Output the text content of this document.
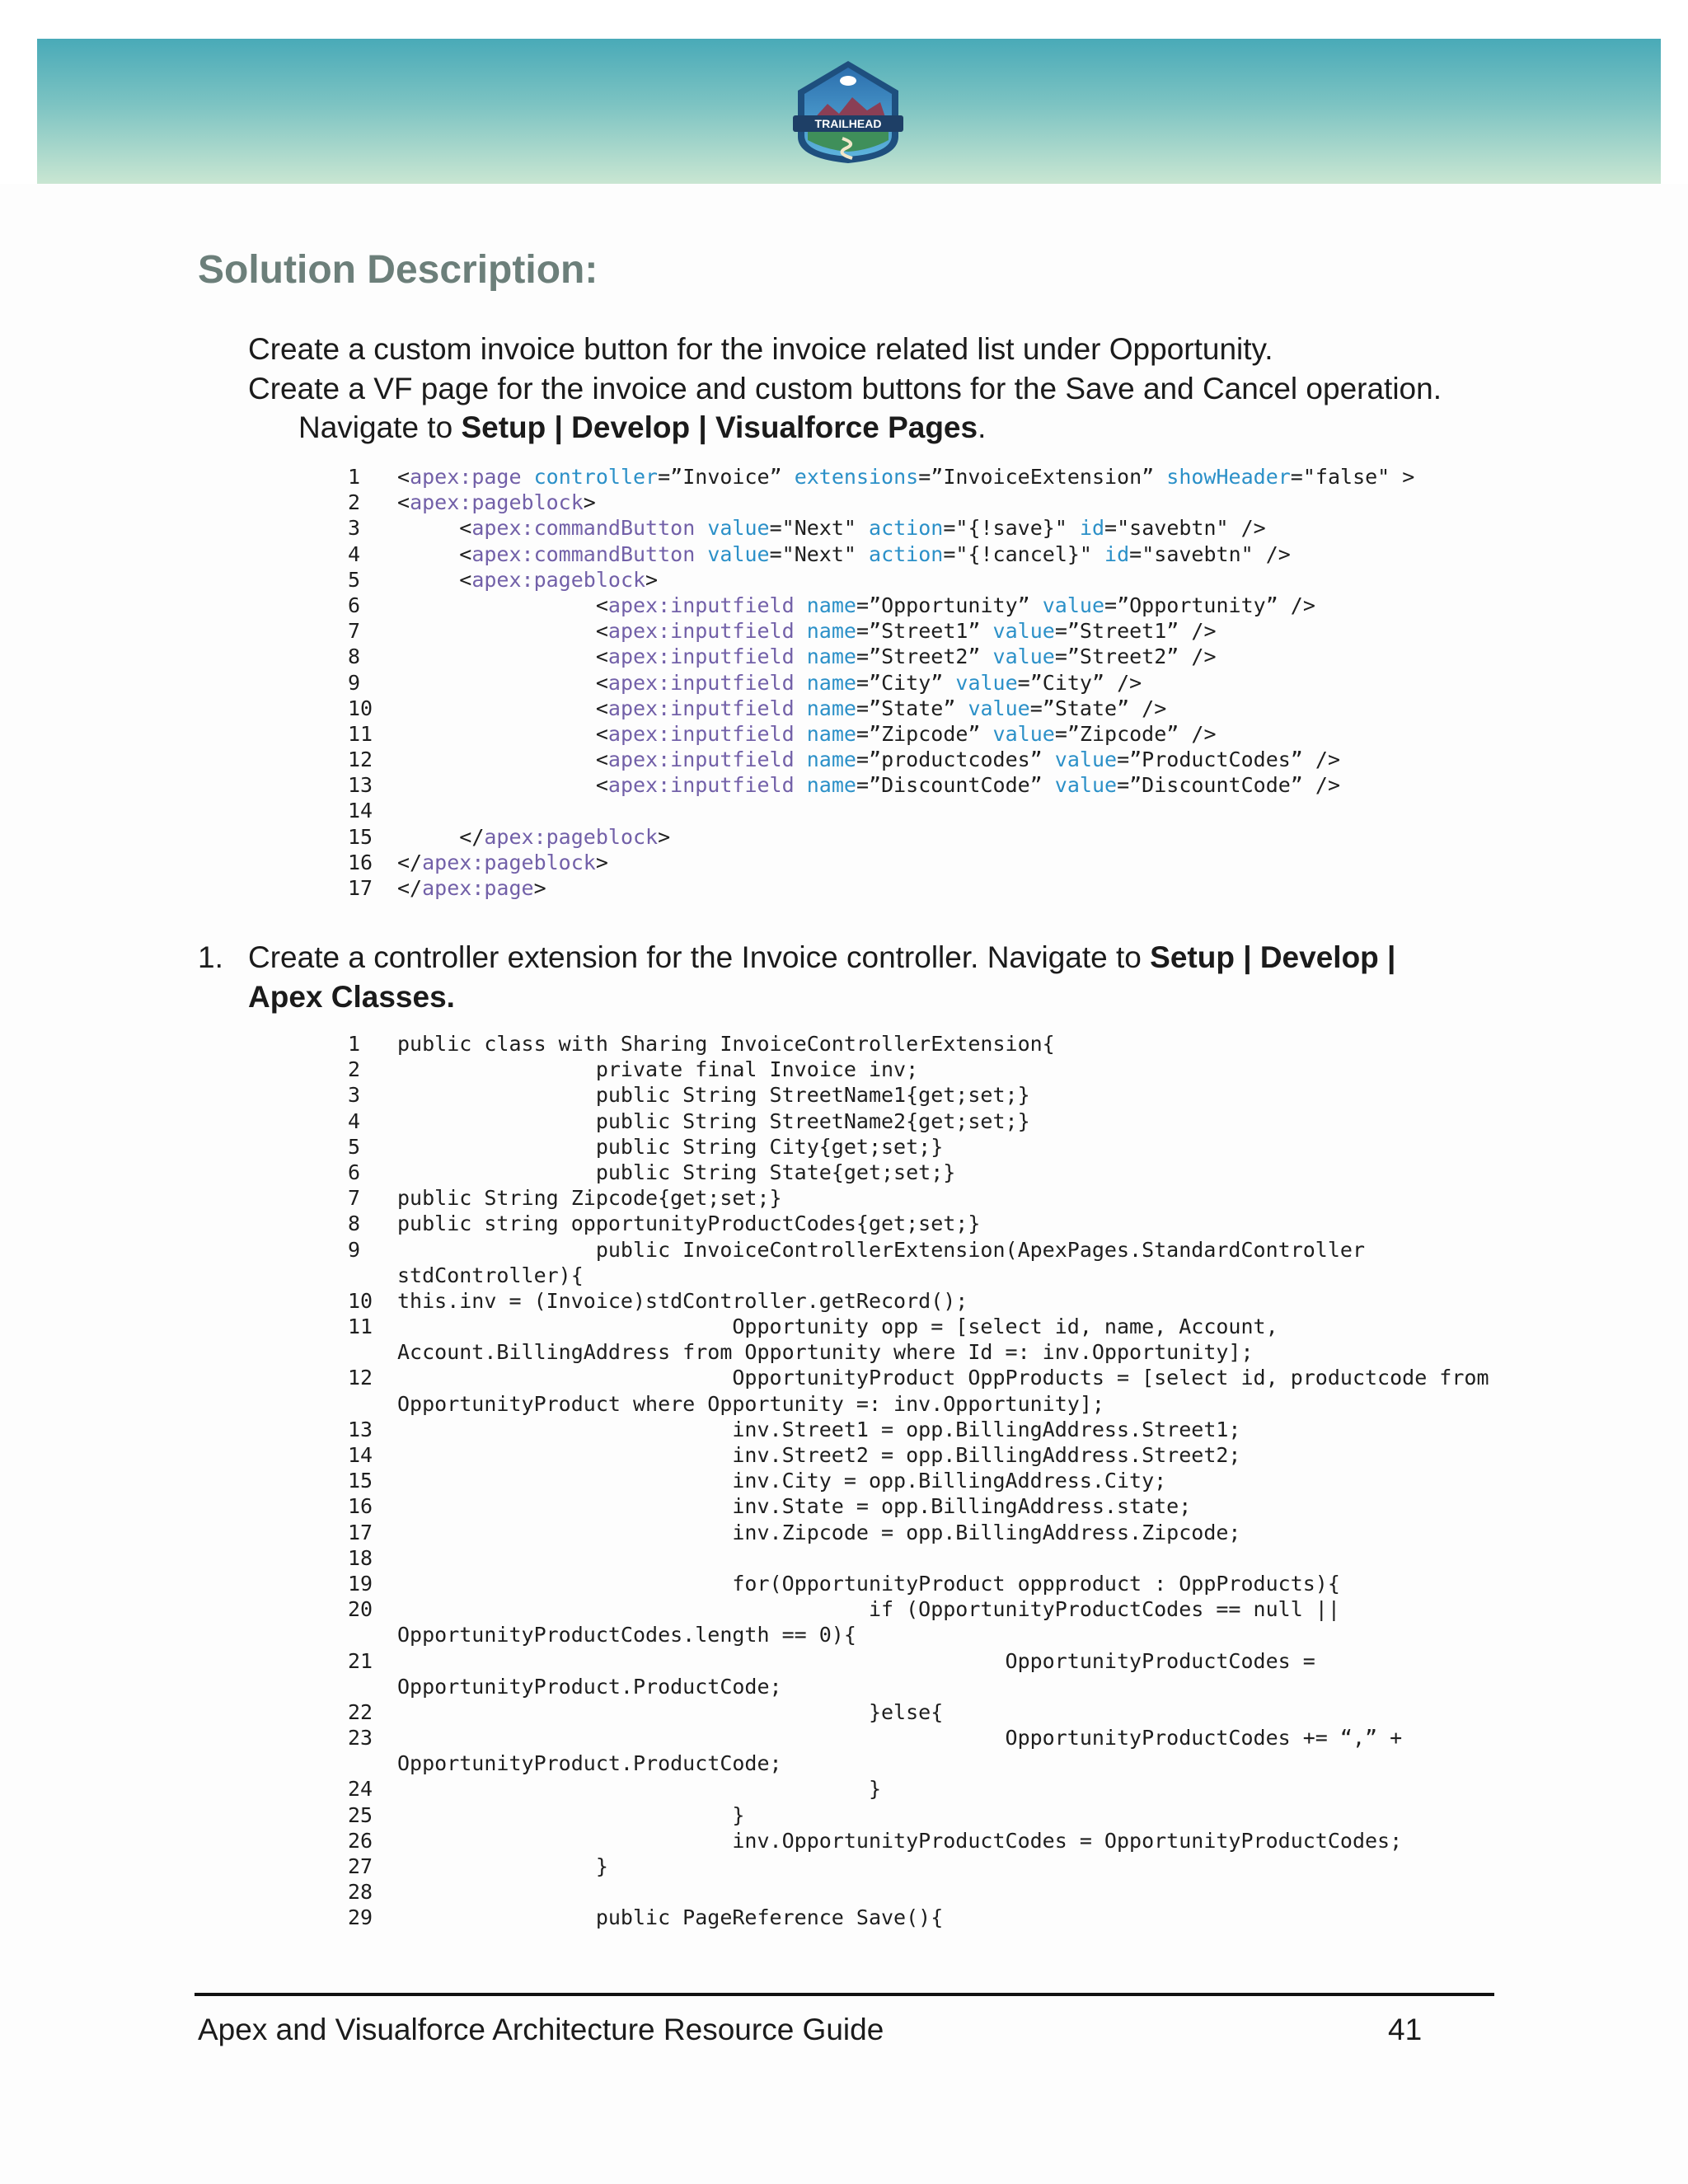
TRAILHEAD
Solution Description:

Create a custom invoice button for the invoice related list under Opportunity.

Create a VF page for the invoice and custom buttons for the Save and Cancel operation.

Navigate to Setup | Develop | Visualforce Pages.

1	<apex:page controller=”Invoice” extensions=”InvoiceExtension” showHeader="false" >
2	<apex:pageblock>
3	<apex:commandButton value="Next" action="{!save}" id="savebtn" />
4	<apex:commandButton value="Next" action="{!cancel}" id="savebtn" />
5	<apex:pageblock>
6	<apex:inputfield name=”Opportunity” value=”Opportunity” />
7	<apex:inputfield name=”Street1” value=”Street1” />
8	<apex:inputfield name=”Street2” value=”Street2” />
9	<apex:inputfield name=”City” value=”City” />
10	<apex:inputfield name=”State” value=”State” />
11	<apex:inputfield name=”Zipcode” value=”Zipcode” />
12	<apex:inputfield name=”productcodes” value=”ProductCodes” />
13	<apex:inputfield name=”DiscountCode” value=”DiscountCode” />
14
15	</apex:pageblock>
16	</apex:pageblock>
17	</apex:page>

1. Create a controller extension for the Invoice controller. Navigate to Setup | Develop |

Apex Classes.

1	public class with Sharing InvoiceControllerExtension{
2	private final Invoice inv;
3	public String StreetName1{get;set;}
4	public String StreetName2{get;set;}
5	public String City{get;set;}
6	public String State{get;set;}
7	public String Zipcode{get;set;}
8	public string opportunityProductCodes{get;set;}
9	public InvoiceControllerExtension(ApexPages.StandardController
stdController){
10	this.inv = (Invoice)stdController.getRecord();
11	Opportunity opp = [select id, name, Account,
Account.BillingAddress from Opportunity where Id =: inv.Opportunity];
12	OpportunityProduct OppProducts = [select id, productcode from
OpportunityProduct where Opportunity =: inv.Opportunity];
13	inv.Street1 = opp.BillingAddress.Street1;
14	inv.Street2 = opp.BillingAddress.Street2;
15	inv.City = opp.BillingAddress.City;
16	inv.State = opp.BillingAddress.state;
17	inv.Zipcode = opp.BillingAddress.Zipcode;
18
19	for(OpportunityProduct oppproduct : OppProducts){
20	if (OpportunityProductCodes == null ||
OpportunityProductCodes.length == 0){
21	OpportunityProductCodes =
OpportunityProduct.ProductCode;
22	}else{
23	OpportunityProductCodes += “,” +
OpportunityProduct.ProductCode;
24	}
25	}
26	inv.OpportunityProductCodes = OpportunityProductCodes;
27	}
28
29	public PageReference Save(){

Apex and Visualforce Architecture Resource Guide	41
